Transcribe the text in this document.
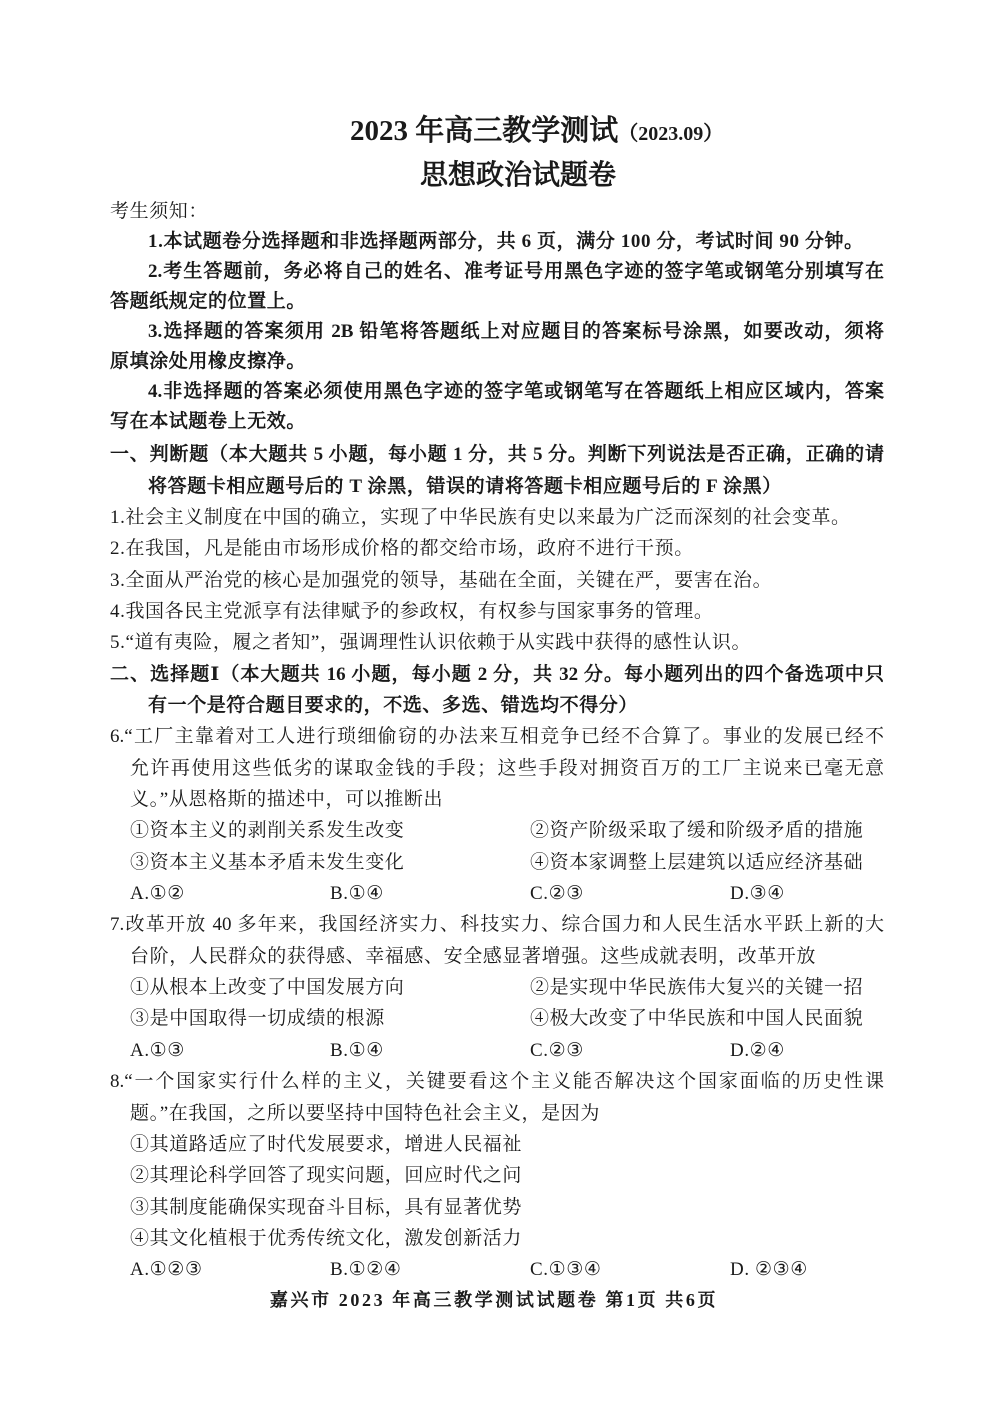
2023 年高三教学测试（2023.09）
思想政治试题卷
考生须知：
1.本试题卷分选择题和非选择题两部分，共 6 页，满分 100 分，考试时间 90 分钟。
2.考生答题前，务必将自己的姓名、准考证号用黑色字迹的签字笔或钢笔分别填写在
答题纸规定的位置上。
3.选择题的答案须用 2B 铅笔将答题纸上对应题目的答案标号涂黑，如要改动，须将
原填涂处用橡皮擦净。
4.非选择题的答案必须使用黑色字迹的签字笔或钢笔写在答题纸上相应区域内，答案
写在本试题卷上无效。
一、判断题（本大题共 5 小题，每小题 1 分，共 5 分。判断下列说法是否正确，正确的请
将答题卡相应题号后的 T 涂黑，错误的请将答题卡相应题号后的 F 涂黑）
1.社会主义制度在中国的确立，实现了中华民族有史以来最为广泛而深刻的社会变革。
2.在我国，凡是能由市场形成价格的都交给市场，政府不进行干预。
3.全面从严治党的核心是加强党的领导，基础在全面，关键在严，要害在治。
4.我国各民主党派享有法律赋予的参政权，有权参与国家事务的管理。
5.“道有夷险，履之者知”，强调理性认识依赖于从实践中获得的感性认识。
二、选择题Ⅰ（本大题共 16 小题，每小题 2 分，共 32 分。每小题列出的四个备选项中只
有一个是符合题目要求的，不选、多选、错选均不得分）
6.“工厂主靠着对工人进行琐细偷窃的办法来互相竞争已经不合算了。事业的发展已经不
允许再使用这些低劣的谋取金钱的手段；这些手段对拥资百万的工厂主说来已毫无意
义。”从恩格斯的描述中，可以推断出
①资本主义的剥削关系发生改变	②资产阶级采取了缓和阶级矛盾的措施
③资本主义基本矛盾未发生变化	④资本家调整上层建筑以适应经济基础
A.①②	B.①④	C.②③	D.③④
7.改革开放 40 多年来，我国经济实力、科技实力、综合国力和人民生活水平跃上新的大
台阶，人民群众的获得感、幸福感、安全感显著增强。这些成就表明，改革开放
①从根本上改变了中国发展方向	②是实现中华民族伟大复兴的关键一招
③是中国取得一切成绩的根源	④极大改变了中华民族和中国人民面貌
A.①③	B.①④	C.②③	D.②④
8.“一个国家实行什么样的主义，关键要看这个主义能否解决这个国家面临的历史性课
题。”在我国，之所以要坚持中国特色社会主义，是因为
①其道路适应了时代发展要求，增进人民福祉
②其理论科学回答了现实问题，回应时代之问
③其制度能确保实现奋斗目标，具有显著优势
④其文化植根于优秀传统文化，激发创新活力
A.①②③	B.①②④	C.①③④	D. ②③④
嘉兴市 2023 年高三教学测试试题卷 第1页 共6页
